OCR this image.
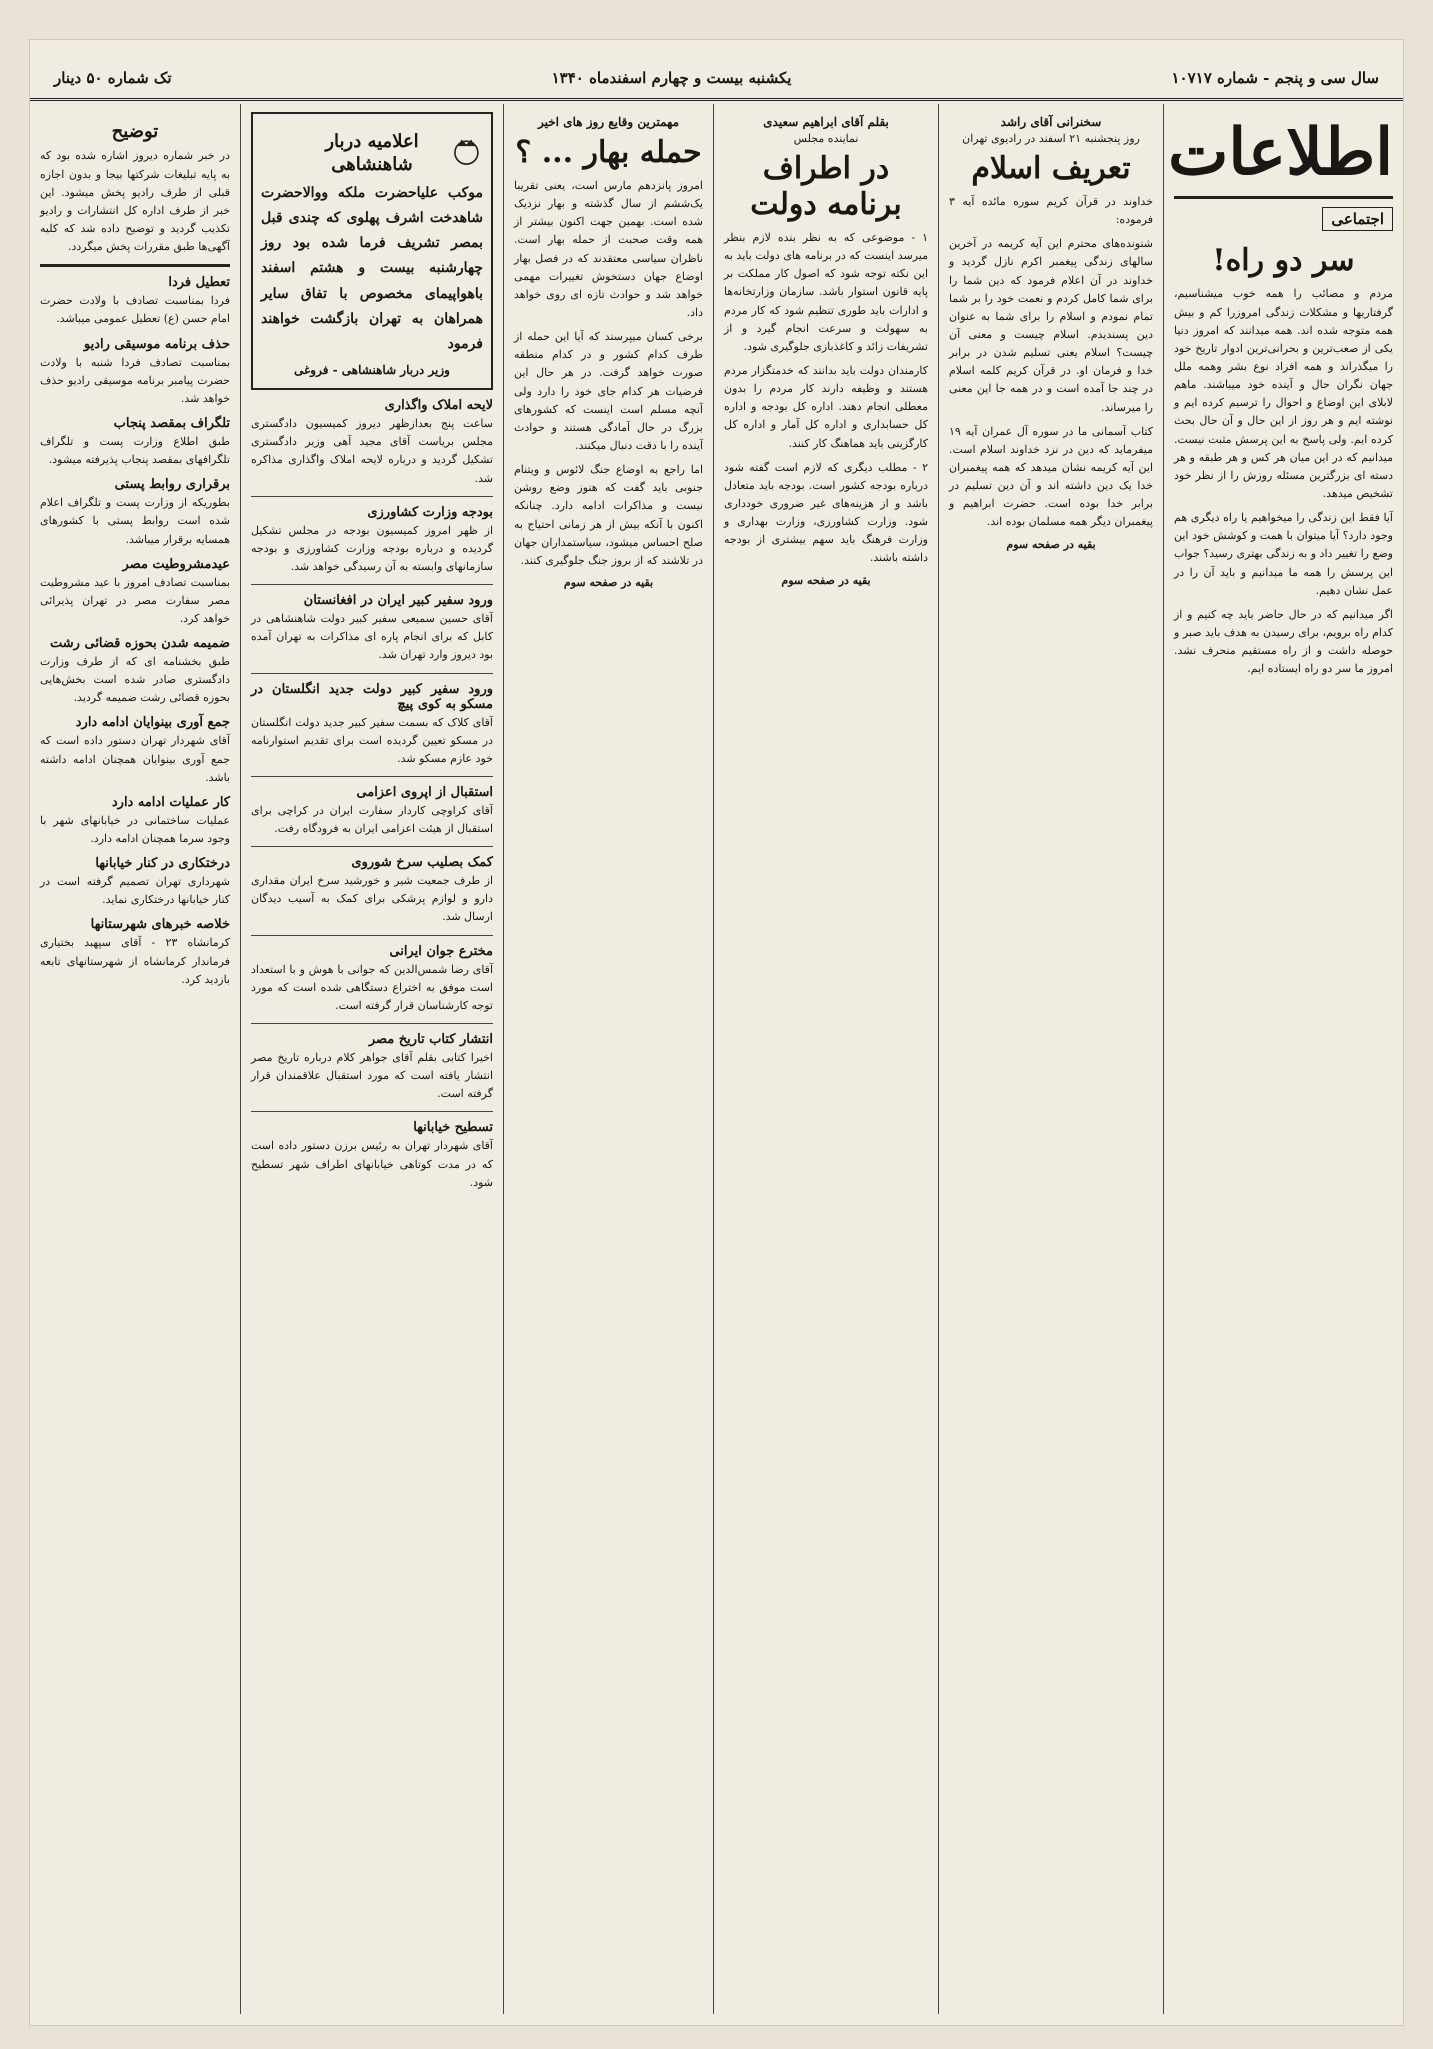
سال سی و پنجم - شماره ۱۰۷۱۷
یکشنبه بیست و چهارم اسفندماه ۱۳۴۰
تک شماره ۵۰ دینار
اطلاعات
اجتماعی
سر دو راه!

مردم و مصائب را همه خوب میشناسیم، گرفتاریها و مشکلات زندگی امروزرا کم و بیش همه متوجه شده اند. همه میدانند که امروز دنیا یکی از صعب‌ترین و بحرانی‌ترین ادوار تاریخ خود را میگذراند و همه افراد نوع بشر وهمه ملل جهان نگران حال و آینده خود میباشند. ماهم لابلای این اوضاع و احوال را ترسیم کرده ایم و نوشته ایم و هر روز از این حال و آن حال بحث کرده ایم. ولی پاسخ به این پرسش مثبت نیست. میدانیم که در این میان هر کس و هر طبقه و هر دسته ای بزرگترین مسئله روزش را از نظر خود تشخیص میدهد.

آیا فقط این زندگی را میخواهیم یا راه دیگری هم وجود دارد؟ آیا میتوان با همت و کوشش خود این وضع را تغییر داد و به زندگی بهتری رسید؟ جواب این پرسش را همه ما میدانیم و باید آن را در عمل نشان دهیم.

اگر میدانیم که در حال حاضر باید چه کنیم و از کدام راه برویم، برای رسیدن به هدف باید صبر و حوصله داشت و از راه مستقیم منحرف نشد. امروز ما سر دو راه ایستاده ایم.

سخنرانی آقای راشد
روز پنجشنبه ۲۱ اسفند در رادیوی تهران
تعریف اسلام

خداوند در قرآن کریم سوره مائده آیه ۳ فرموده:

شنونده‌های محترم این آیه کریمه در آخرین سالهای زندگی پیغمبر اکرم نازل گردید و خداوند در آن اعلام فرمود که دین شما را برای شما کامل کردم و نعمت خود را بر شما تمام نمودم و اسلام را برای شما به عنوان دین پسندیدم. اسلام چیست و معنی آن چیست؟ اسلام یعنی تسلیم شدن در برابر خدا و فرمان او. در قرآن کریم کلمه اسلام در چند جا آمده است و در همه جا این معنی را میرساند.

کتاب آسمانی ما در سوره آل عمران آیه ۱۹ میفرماید که دین در نزد خداوند اسلام است. این آیه کریمه نشان میدهد که همه پیغمبران خدا یک دین داشته اند و آن دین تسلیم در برابر خدا بوده است. حضرت ابراهیم و پیغمبران دیگر همه مسلمان بوده اند.

بقیه در صفحه سوم
بقلم آقای ابراهیم سعیدی
نماینده مجلس
در اطراف برنامه دولت

۱ - موضوعی که به نظر بنده لازم بنظر میرسد اینست که در برنامه های دولت باید به این نکته توجه شود که اصول کار مملکت بر پایه قانون استوار باشد. سازمان وزارتخانه‌ها و ادارات باید طوری تنظیم شود که کار مردم به سهولت و سرعت انجام گیرد و از تشریفات زائد و کاغذبازی جلوگیری شود.

کارمندان دولت باید بدانند که خدمتگزار مردم هستند و وظیفه دارند کار مردم را بدون معطلی انجام دهند. اداره کل بودجه و اداره کل حسابداری و اداره کل آمار و اداره کل کارگزینی باید هماهنگ کار کنند.

۲ - مطلب دیگری که لازم است گفته شود درباره بودجه کشور است. بودجه باید متعادل باشد و از هزینه‌های غیر ضروری خودداری شود. وزارت کشاورزی، وزارت بهداری و وزارت فرهنگ باید سهم بیشتری از بودجه داشته باشند.

بقیه در صفحه سوم
مهمترین وقایع روز های اخیر
حمله بهار ... ؟

امروز پانزدهم مارس است، یعنی تقریبا یک‌ششم از سال گذشته و بهار نزدیک شده است. بهمین جهت اکنون بیشتر از همه وقت صحبت از حمله بهار است. ناظران سیاسی معتقدند که در فصل بهار اوضاع جهان دستخوش تغییرات مهمی خواهد شد و حوادث تازه ای روی خواهد داد.

برخی کسان میپرسند که آیا این حمله از طرف کدام کشور و در کدام منطقه صورت خواهد گرفت. در هر حال این فرضیات هر کدام جای خود را دارد ولی آنچه مسلم است اینست که کشورهای بزرگ در حال آمادگی هستند و حوادث آینده را با دقت دنبال میکنند.

اما راجع به اوضاع جنگ لائوس و ویتنام جنوبی باید گفت که هنوز وضع روشن نیست و مذاکرات ادامه دارد. چنانکه اکنون با آنکه بیش از هر زمانی احتیاج به صلح احساس میشود، سیاستمداران جهان در تلاشند که از بروز جنگ جلوگیری کنند.

بقیه در صفحه سوم
اعلامیه دربار شاهنشاهی

موکب علیاحضرت ملکه ووالاحضرت شاهدخت اشرف پهلوی که چندی قبل بمصر تشریف فرما شده بود روز چهارشنبه بیست و هشتم اسفند باهواپیمای مخصوص با تفاق سایر همراهان به تهران بازگشت خواهند فرمود

وزیر دربار شاهنشاهی - فروغی
لایحه املاک واگذاری

ساعت پنج بعدازظهر دیروز کمیسیون دادگستری مجلس بریاست آقای مجید آهی وزیر دادگستری تشکیل گردید و درباره لایحه املاک واگذاری مذاکره شد.

بودجه وزارت کشاورزی

از ظهر امروز کمیسیون بودجه در مجلس تشکیل گردیده و درباره بودجه وزارت کشاورزی و بودجه سازمانهای وابسته به آن رسیدگی خواهد شد.

ورود سفیر کبیر ایران در افغانستان

آقای حسین سمیعی سفیر کبیر دولت شاهنشاهی در کابل که برای انجام پاره ای مذاکرات به تهران آمده بود دیروز وارد تهران شد.

ورود سفیر کبیر دولت جدید انگلستان در مسکو به کوی پیچ

آقای کلاک که بسمت سفیر کبیر جدید دولت انگلستان در مسکو تعیین گردیده است برای تقدیم استوارنامه خود عازم مسکو شد.

استقبال از اپروی اعزامی

آقای کراوچی کاردار سفارت ایران در کراچی برای استقبال از هیئت اعزامی ایران به فرودگاه رفت.

کمک بصلیب سرخ شوروی

از طرف جمعیت شیر و خورشید سرخ ایران مقداری دارو و لوازم پزشکی برای کمک به آسیب دیدگان ارسال شد.

مخترع جوان ایرانی

آقای رضا شمس‌الدین که جوانی با هوش و با استعداد است موفق به اختراع دستگاهی شده است که مورد توجه کارشناسان قرار گرفته است.

انتشار کتاب تاریخ مصر

اخیرا کتابی بقلم آقای جواهر کلام درباره تاریخ مصر انتشار یافته است که مورد استقبال علاقمندان قرار گرفته است.

تسطیح خیابانها

آقای شهردار تهران به رئیس برزن دستور داده است که در مدت کوتاهی خیابانهای اطراف شهر تسطیح شود.

توضیح

در خبر شماره دیروز اشاره شده بود که به پایه تبلیغات شرکتها بیجا و بدون اجازه قبلی از طرف رادیو پخش میشود. این خبر از طرف اداره کل انتشارات و رادیو تکذیب گردید و توضیح داده شد که کلیه آگهی‌ها طبق مقررات پخش میگردد.

تعطیل فردا

فردا بمناسبت تصادف با ولادت حضرت امام حسن (ع) تعطیل عمومی میباشد.

حذف برنامه موسیقی رادیو

بمناسبت تصادف فردا شنبه با ولادت حضرت پیامبر برنامه موسیقی رادیو حذف خواهد شد.

تلگراف بمقصد پنجاب

طبق اطلاع وزارت پست و تلگراف تلگرافهای بمقصد پنجاب پذیرفته میشود.

برقراری روابط پستی

بطوریکه از وزارت پست و تلگراف اعلام شده است روابط پستی با کشورهای همسایه برقرار میباشد.

عیدمشروطیت مصر

بمناسبت تصادف امروز با عید مشروطیت مصر سفارت مصر در تهران پذیرائی خواهد کرد.

ضمیمه شدن بحوزه قضائی رشت

طبق بخشنامه ای که از طرف وزارت دادگستری صادر شده است بخش‌هایی بحوزه قضائی رشت ضمیمه گردید.

جمع آوری بینوایان ادامه دارد

آقای شهردار تهران دستور داده است که جمع آوری بینوایان همچنان ادامه داشته باشد.

کار عملیات ادامه دارد

عملیات ساختمانی در خیابانهای شهر با وجود سرما همچنان ادامه دارد.

درختکاری در کنار خیابانها

شهرداری تهران تصمیم گرفته است در کنار خیابانها درختکاری نماید.

خلاصه خبرهای شهرستانها

کرمانشاه ۲۳ - آقای سپهبد بختیاری فرماندار کرمانشاه از شهرستانهای تابعه بازدید کرد.
